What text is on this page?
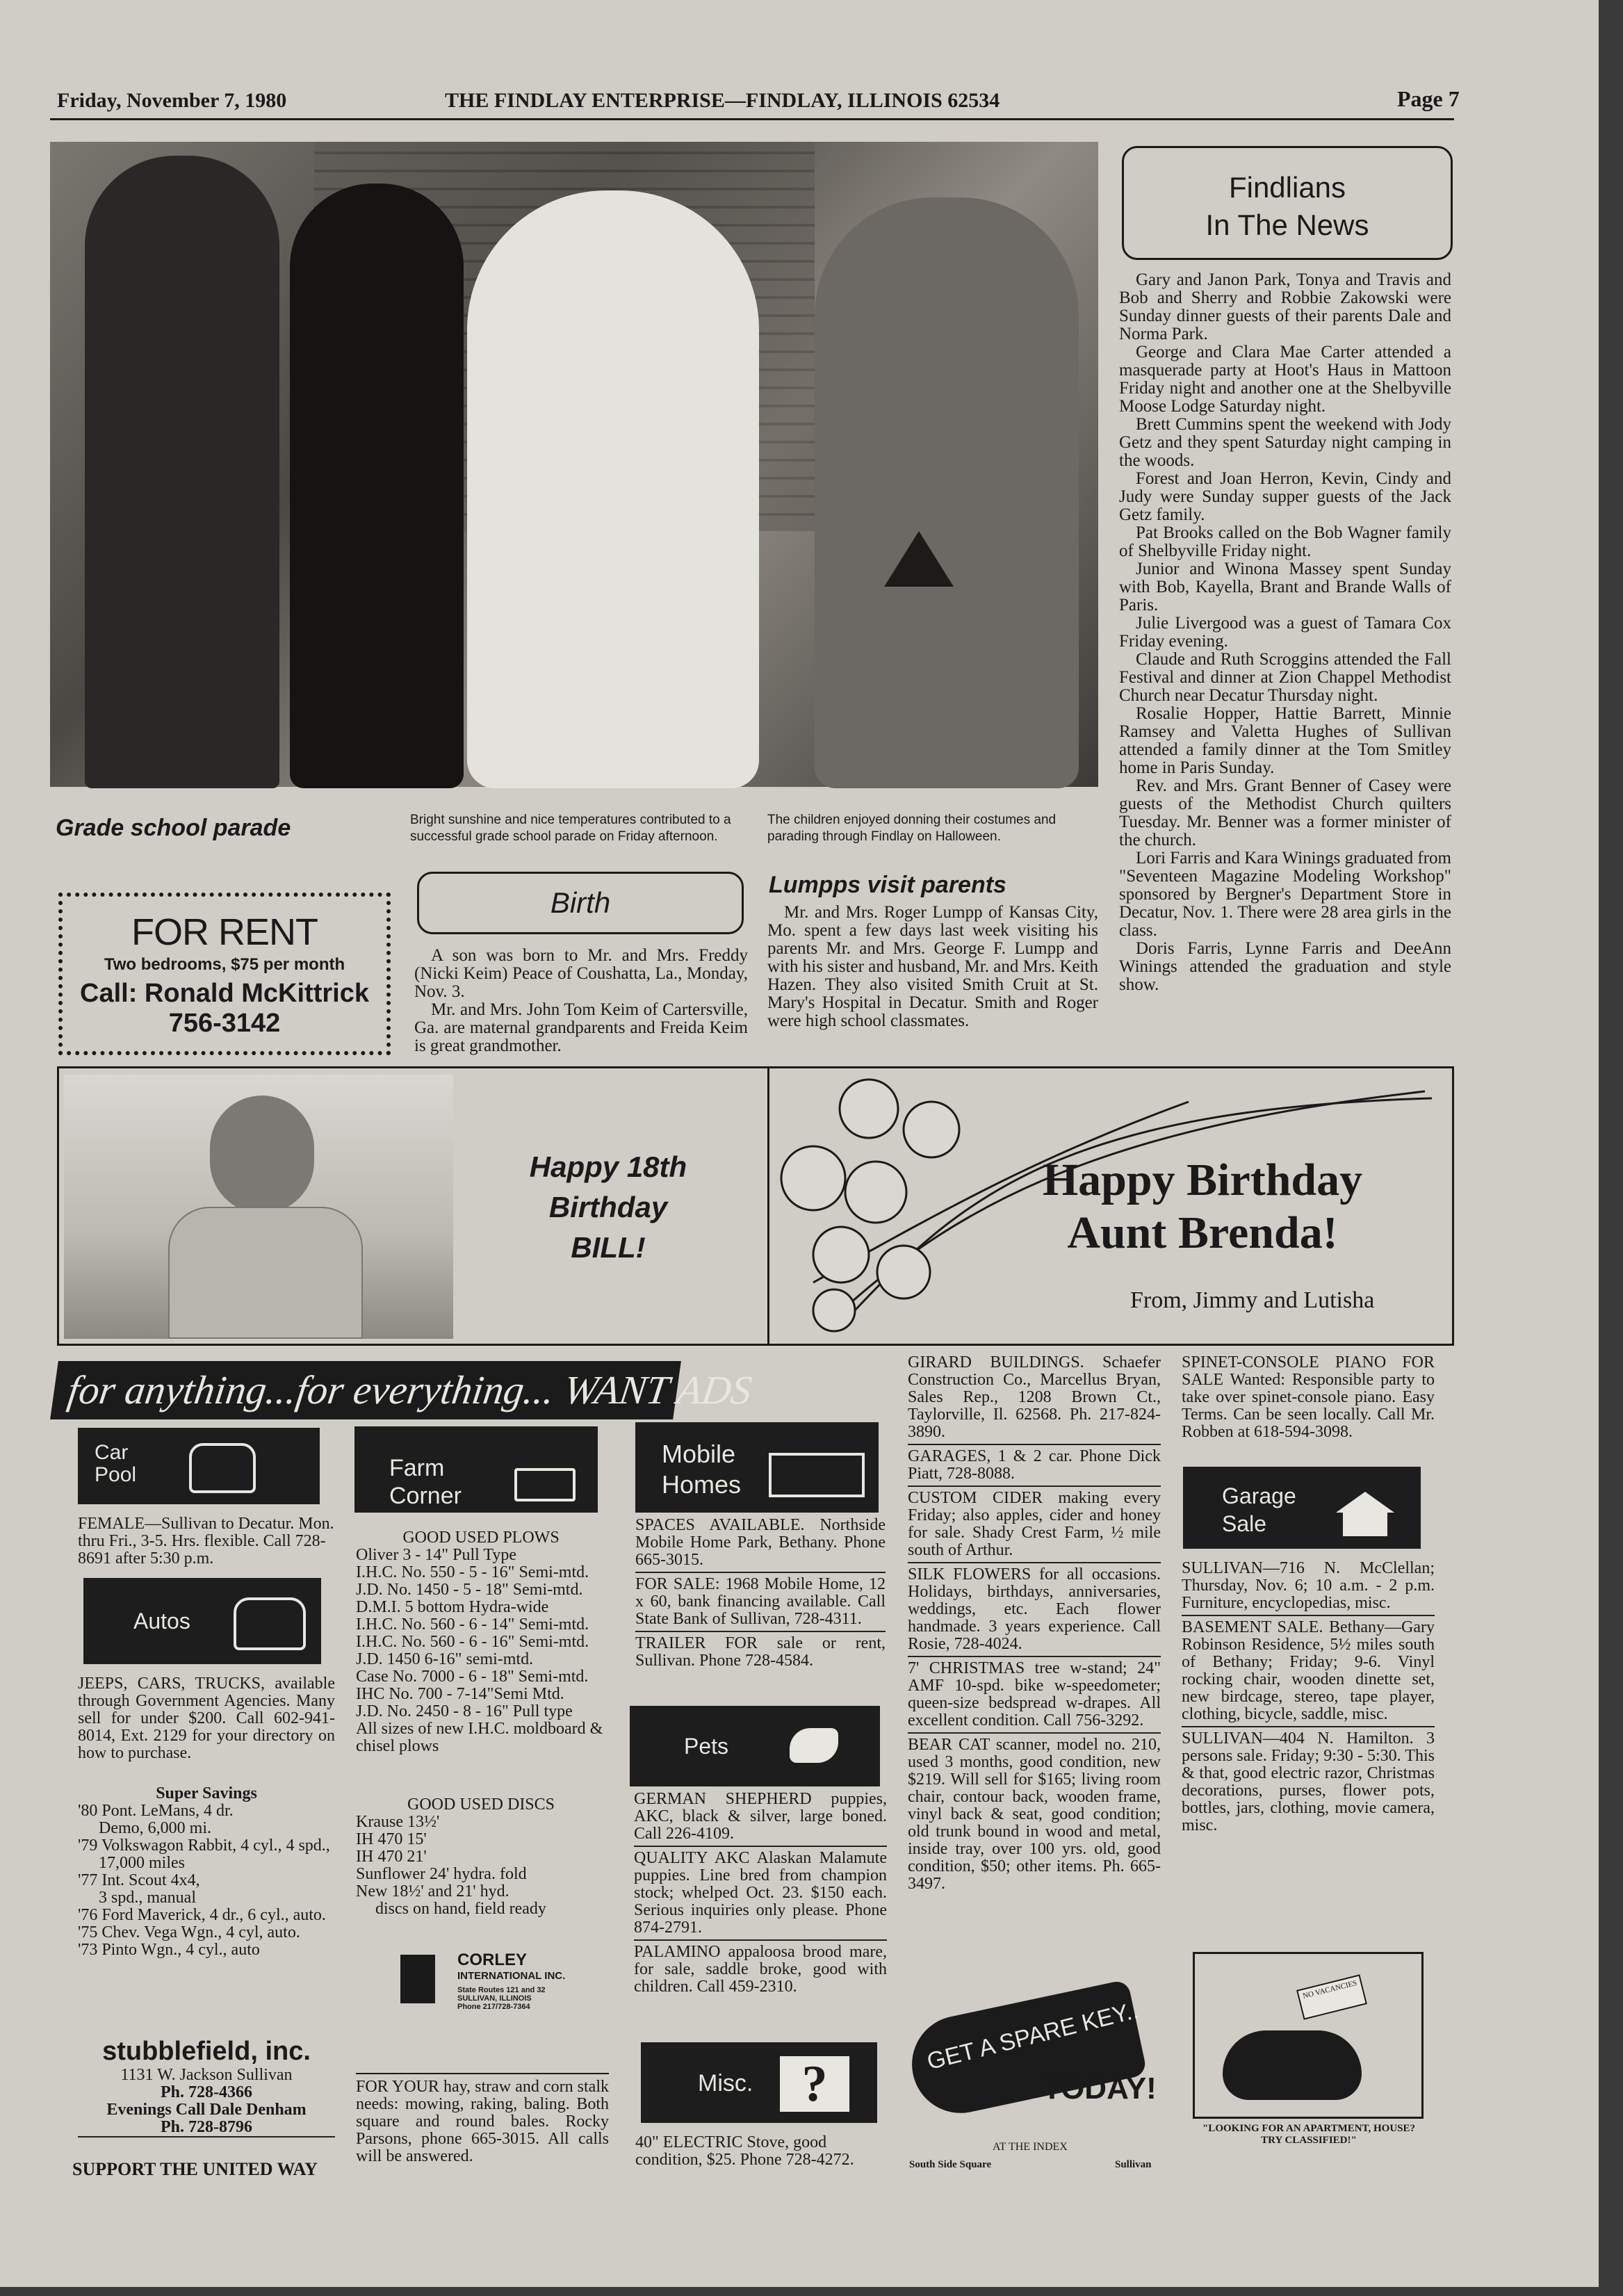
Friday, November 7, 1980	THE FINDLAY ENTERPRISE—FINDLAY, ILLINOIS 62534	Page 7
Grade school parade	Bright sunshine and nice temperatures contributed to a successful grade school parade on Friday afternoon.
The children enjoyed donning their costumes and parading through Findlay on Halloween.
Findlians
In The News

Gary and Janon Park, Tonya and Travis and Bob and Sherry and Robbie Zakowski were Sunday dinner guests of their parents Dale and Norma Park.

George and Clara Mae Carter attended a masquerade party at Hoot's Haus in Mattoon Friday night and another one at the Shelbyville Moose Lodge Saturday night.

Brett Cummins spent the weekend with Jody Getz and they spent Saturday night camping in the woods.

Forest and Joan Herron, Kevin, Cindy and Judy were Sunday supper guests of the Jack Getz family.

Pat Brooks called on the Bob Wagner family of Shelbyville Friday night.

Junior and Winona Massey spent Sunday with Bob, Kayella, Brant and Brande Walls of Paris.

Julie Livergood was a guest of Tamara Cox Friday evening.

Claude and Ruth Scroggins attended the Fall Festival and dinner at Zion Chappel Methodist Church near Decatur Thursday night.

Rosalie Hopper, Hattie Barrett, Minnie Ramsey and Valetta Hughes of Sullivan attended a family dinner at the Tom Smitley home in Paris Sunday.

Rev. and Mrs. Grant Benner of Casey were guests of the Methodist Church quilters Tuesday. Mr. Benner was a former minister of the church.

Lori Farris and Kara Winings graduated from "Seventeen Magazine Modeling Workshop" sponsored by Bergner's Department Store in Decatur, Nov. 1. There were 28 area girls in the class.

Doris Farris, Lynne Farris and DeeAnn Winings attended the graduation and style show.

FOR RENT
Two bedrooms, $75 per month
Call: Ronald McKittrick
756-3142
Birth

A son was born to Mr. and Mrs. Freddy (Nicki Keim) Peace of Coushatta, La., Monday, Nov. 3.

Mr. and Mrs. John Tom Keim of Cartersville, Ga. are maternal grandparents and Freida Keim is great grandmother.

Lumpps visit parents

Mr. and Mrs. Roger Lumpp of Kansas City, Mo. spent a few days last week visiting his parents Mr. and Mrs. George F. Lumpp and with his sister and husband, Mr. and Mrs. Keith Hazen. They also visited Smith Cruit at St. Mary's Hospital in Decatur. Smith and Roger were high school classmates.

Happy 18th
Birthday
BILL!
Happy Birthday
Aunt Brenda!
From, Jimmy and Lutisha
for anything...for everything... WANT ADS
Car Pool
FEMALE—Sullivan to Decatur. Mon. thru Fri., 3-5. Hrs. flexible. Call 728-8691 after 5:30 p.m.
Autos
JEEPS, CARS, TRUCKS, available through Government Agencies. Many sell for under $200. Call 602-941-8014, Ext. 2129 for your directory on how to purchase.
Super Savings

'80 Pont. LeMans, 4 dr.

Demo, 6,000 mi.

'79 Volkswagon Rabbit, 4 cyl., 4 spd.,

17,000 miles

'77 Int. Scout 4x4,

3 spd., manual

'76 Ford Maverick, 4 dr., 6 cyl., auto.

'75 Chev. Vega Wgn., 4 cyl, auto.

'73 Pinto Wgn., 4 cyl., auto

stubblefield, inc.
1131 W. Jackson Sullivan
Ph. 728-4366
Evenings Call Dale Denham
Ph. 728-8796
SUPPORT THE UNITED WAY
Farm Corner
GOOD USED PLOWS

Oliver 3 - 14" Pull Type

I.H.C. No. 550 - 5 - 16" Semi-mtd.

J.D. No. 1450 - 5 - 18" Semi-mtd.

D.M.I. 5 bottom Hydra-wide

I.H.C. No. 560 - 6 - 14" Semi-mtd.

I.H.C. No. 560 - 6 - 16" Semi-mtd.

J.D. 1450 6-16" semi-mtd.

Case No. 7000 - 6 - 18" Semi-mtd.

IHC No. 700 - 7-14"Semi Mtd.

J.D. No. 2450 - 8 - 16" Pull type

All sizes of new I.H.C. moldboard & chisel plows

GOOD USED DISCS

Krause 13½'

IH 470 15'

IH 470 21'

Sunflower 24' hydra. fold

New 18½' and 21' hyd.

discs on hand, field ready

CORLEY
INTERNATIONAL INC.
State Routes 121 and 32
SULLIVAN, ILLINOIS
Phone 217/728-7364
FOR YOUR hay, straw and corn stalk needs: mowing, raking, baling. Both square and round bales. Rocky Parsons, phone 665-3015. All calls will be answered.
Mobile Homes

SPACES AVAILABLE. Northside Mobile Home Park, Bethany. Phone 665-3015.

FOR SALE: 1968 Mobile Home, 12 x 60, bank financing available. Call State Bank of Sullivan, 728-4311.

TRAILER FOR sale or rent, Sullivan. Phone 728-4584.

Pets

GERMAN SHEPHERD puppies, AKC, black & silver, large boned. Call 226-4109.

QUALITY AKC Alaskan Malamute puppies. Line bred from champion stock; whelped Oct. 23. $150 each. Serious inquiries only please. Phone 874-2791.

PALAMINO appaloosa brood mare, for sale, saddle broke, good with children. Call 459-2310.

Misc. ?

40" ELECTRIC Stove, good condition, $25. Phone 728-4272.

GIRARD BUILDINGS. Schaefer Construction Co., Marcellus Bryan, Sales Rep., 1208 Brown Ct., Taylorville, Il. 62568. Ph. 217-824-3890.

GARAGES, 1 & 2 car. Phone Dick Piatt, 728-8088.

CUSTOM CIDER making every Friday; also apples, cider and honey for sale. Shady Crest Farm, ½ mile south of Arthur.

SILK FLOWERS for all occasions. Holidays, birthdays, anniversaries, weddings, etc. Each flower handmade. 3 years experience. Call Rosie, 728-4024.

7' CHRISTMAS tree w-stand; 24" AMF 10-spd. bike w-speedometer; queen-size bedspread w-drapes. All excellent condition. Call 756-3292.

BEAR CAT scanner, model no. 210, used 3 months, good condition, new $219. Will sell for $165; living room chair, contour back, wooden frame, vinyl back & seat, good condition; old trunk bound in wood and metal, inside tray, over 100 yrs. old, good condition, $50; other items. Ph. 665-3497.

GET A SPARE KEY..
TODAY!
AT THE INDEX
South Side Square	Sullivan
SPINET-CONSOLE PIANO FOR SALE Wanted: Responsible party to take over spinet-console piano. Easy Terms. Can be seen locally. Call Mr. Robben at 618-594-3098.
Garage Sale

SULLIVAN—716 N. McClellan; Thursday, Nov. 6; 10 a.m. - 2 p.m. Furniture, encyclopedias, misc.

BASEMENT SALE. Bethany—Gary Robinson Residence, 5½ miles south of Bethany; Friday; 9-6. Vinyl rocking chair, wooden dinette set, new birdcage, stereo, tape player, clothing, bicycle, saddle, misc.

SULLIVAN—404 N. Hamilton. 3 persons sale. Friday; 9:30 - 5:30. This & that, good electric razor, Christmas decorations, purses, flower pots, bottles, jars, clothing, movie camera, misc.

NO VACANCIES
"LOOKING FOR AN APARTMENT, HOUSE? TRY CLASSIFIED!"
